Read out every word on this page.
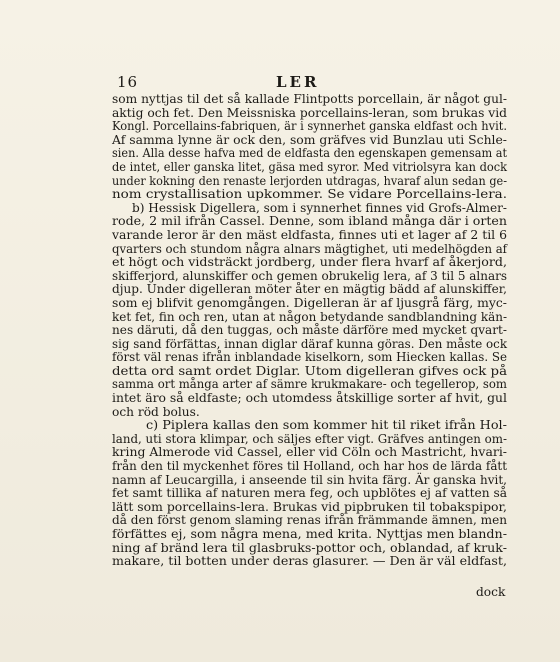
16	LER
som nyttjas til det så kallade Flintpotts porcellain, är något gul-
aktig och fet. Den Meissniska porcellains-leran, som brukas vid
Kongl. Porcellains-fabriquen, är i synnerhet ganska eldfast och hvit.
Af samma lynne är ock den, som gräfves vid Bunzlau uti Schle-
sien. Alla desse hafva med de eldfasta den egenskapen gemensam at
de intet, eller ganska litet, gäsa med syror. Med vitriolsyra kan dock
under kokning den renaste lerjorden utdragas, hvaraf alun sedan ge-
nom crystallisation upkommer. Se vidare Porcellains-lera.
b) Hessisk Digellera, som i synnerhet finnes vid Grofs-Almer-
rode, 2 mil ifrån Cassel. Denne, som ibland många där i orten
varande leror är den mäst eldfasta, finnes uti et lager af 2 til 6
qvarters och stundom några alnars mägtighet, uti medelhögden af
et högt och vidsträckt jordberg, under flera hvarf af åkerjord,
skifferjord, alunskiffer och gemen obrukelig lera, af 3 til 5 alnars
djup. Under digelleran möter åter en mägtig bädd af alunskiffer,
som ej blifvit genomgången. Digelleran är af ljusgrå färg, myc-
ket fet, fin och ren, utan at någon betydande sandblandning kän-
nes däruti, då den tuggas, och måste därföre med mycket qvart-
sig sand förfättas, innan diglar däraf kunna göras. Den måste ock
först väl renas ifrån inblandade kiselkorn, som Hiecken kallas. Se
detta ord samt ordet Diglar. Utom digelleran gifves ock på
samma ort många arter af sämre krukmakare- och tegellerор, som
intet äro så eldfaste; och utomdess åtskillige sorter af hvit, gul
och röd bolus.
c) Piplera kallas den som kommer hit til riket ifrån Hol-
land, uti stora klimpar, och säljes efter vigt. Gräfves antingen om-
kring Almerode vid Cassel, eller vid Cöln och Mastricht, hvari-
från den til myckenhet föres til Holland, och har hos de lärda fått
namn af Leucargilla, i anseende til sin hvita färg. Är ganska hvit,
fet samt tillika af naturen mera feg, och upblötes ej af vatten så
lätt som porcellains-lera. Brukas vid pipbruken til tobakspipor,
då den först genom slaming renas ifrån främmande ämnen, men
förfättes ej, som några mena, med krita. Nyttjas men blandn-
ning af bränd lera til glasbruks-pottor och, oblandad, af kruk-
makare, til botten under deras glasurer. — Den är väl eldfast,
dock
